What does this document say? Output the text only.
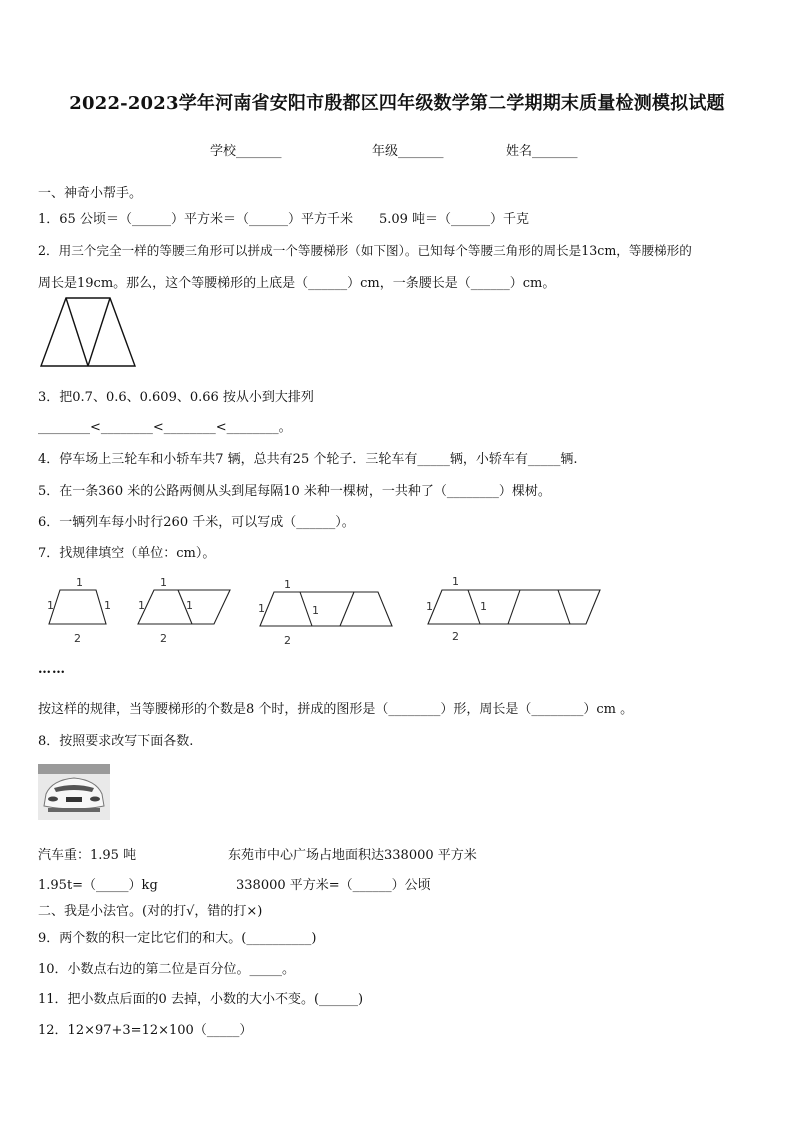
2022-2023学年河南省安阳市殷都区四年级数学第二学期期末质量检测模拟试题
学校_______	年级_______	姓名_______
一、神奇小帮手。
1．65 公顷＝（______）平方米＝（______）平方千米　　5.09 吨＝（______）千克
2．用三个完全一样的等腰三角形可以拼成一个等腰梯形（如下图）。已知每个等腰三角形的周长是13cm，等腰梯形的
周长是19cm。那么，这个等腰梯形的上底是（______）cm，一条腰长是（______）cm。
3．把0.7、0.6、0.609、0.66 按从小到大排列
________<________<________<________。
4．停车场上三轮车和小轿车共7 辆，总共有25 个轮子．三轮车有_____辆，小轿车有_____辆.
5．在一条360 米的公路两侧从头到尾每隔10 米种一棵树，一共种了（________）棵树。
6．一辆列车每小时行260 千米，可以写成（______）。
7．找规律填空（单位：cm）。
1
1	1
2
1
1	1
2
1
1	1
2
1
1	1
2
……
按这样的规律，当等腰梯形的个数是8 个时，拼成的图形是（________）形，周长是（________）cm 。
8．按照要求改写下面各数.
汽车重：1.95 吨	东苑市中心广场占地面积达338000 平方米
1.95t=（_____）kg	338000 平方米=（______）公顷
二、我是小法官。(对的打√，错的打×)
9．两个数的积一定比它们的和大。(__________)
10．小数点右边的第二位是百分位。_____。
11．把小数点后面的0 去掉，小数的大小不变。(______)
12．12×97+3=12×100（_____）
